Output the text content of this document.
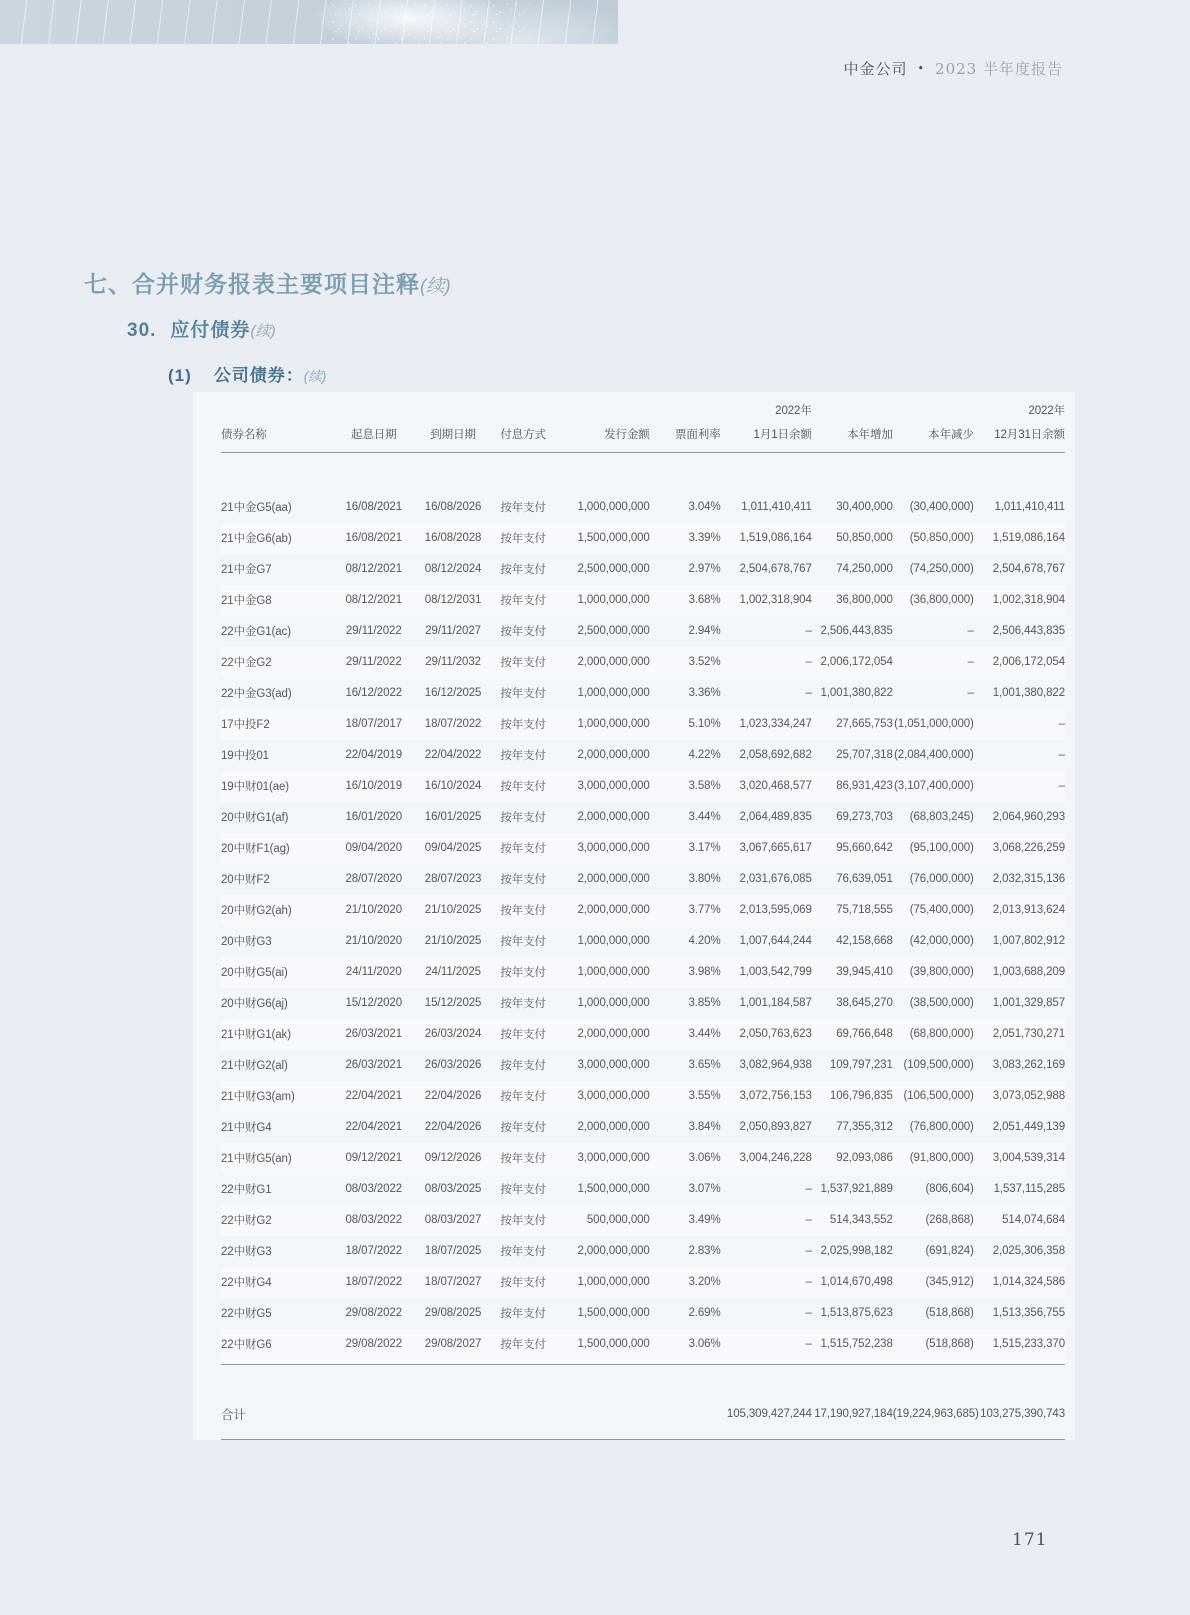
中金公司 • 2023 半年度报告
七、合并财务报表主要项目注释(续)
30. 应付债券(续)
(1) 公司债券：(续)
						2022年			2022年
债券名称	起息日期	到期日期	付息方式	发行金额	票面利率	1月1日余额	本年增加	本年减少	12月31日余额
21中金G5(aa)	16/08/2021	16/08/2026	按年支付	1,000,000,000	3.04%	1,011,410,411	30,400,000	(30,400,000)	1,011,410,411
21中金G6(ab)	16/08/2021	16/08/2028	按年支付	1,500,000,000	3.39%	1,519,086,164	50,850,000	(50,850,000)	1,519,086,164
21中金G7	08/12/2021	08/12/2024	按年支付	2,500,000,000	2.97%	2,504,678,767	74,250,000	(74,250,000)	2,504,678,767
21中金G8	08/12/2021	08/12/2031	按年支付	1,000,000,000	3.68%	1,002,318,904	36,800,000	(36,800,000)	1,002,318,904
22中金G1(ac)	29/11/2022	29/11/2027	按年支付	2,500,000,000	2.94%	–	2,506,443,835	–	2,506,443,835
22中金G2	29/11/2022	29/11/2032	按年支付	2,000,000,000	3.52%	–	2,006,172,054	–	2,006,172,054
22中金G3(ad)	16/12/2022	16/12/2025	按年支付	1,000,000,000	3.36%	–	1,001,380,822	–	1,001,380,822
17中投F2	18/07/2017	18/07/2022	按年支付	1,000,000,000	5.10%	1,023,334,247	27,665,753	(1,051,000,000)	–
19中投01	22/04/2019	22/04/2022	按年支付	2,000,000,000	4.22%	2,058,692,682	25,707,318	(2,084,400,000)	–
19中财01(ae)	16/10/2019	16/10/2024	按年支付	3,000,000,000	3.58%	3,020,468,577	86,931,423	(3,107,400,000)	–
20中财G1(af)	16/01/2020	16/01/2025	按年支付	2,000,000,000	3.44%	2,064,489,835	69,273,703	(68,803,245)	2,064,960,293
20中财F1(ag)	09/04/2020	09/04/2025	按年支付	3,000,000,000	3.17%	3,067,665,617	95,660,642	(95,100,000)	3,068,226,259
20中财F2	28/07/2020	28/07/2023	按年支付	2,000,000,000	3.80%	2,031,676,085	76,639,051	(76,000,000)	2,032,315,136
20中财G2(ah)	21/10/2020	21/10/2025	按年支付	2,000,000,000	3.77%	2,013,595,069	75,718,555	(75,400,000)	2,013,913,624
20中财G3	21/10/2020	21/10/2025	按年支付	1,000,000,000	4.20%	1,007,644,244	42,158,668	(42,000,000)	1,007,802,912
20中财G5(ai)	24/11/2020	24/11/2025	按年支付	1,000,000,000	3.98%	1,003,542,799	39,945,410	(39,800,000)	1,003,688,209
20中财G6(aj)	15/12/2020	15/12/2025	按年支付	1,000,000,000	3.85%	1,001,184,587	38,645,270	(38,500,000)	1,001,329,857
21中财G1(ak)	26/03/2021	26/03/2024	按年支付	2,000,000,000	3.44%	2,050,763,623	69,766,648	(68,800,000)	2,051,730,271
21中财G2(al)	26/03/2021	26/03/2026	按年支付	3,000,000,000	3.65%	3,082,964,938	109,797,231	(109,500,000)	3,083,262,169
21中财G3(am)	22/04/2021	22/04/2026	按年支付	3,000,000,000	3.55%	3,072,756,153	106,796,835	(106,500,000)	3,073,052,988
21中财G4	22/04/2021	22/04/2026	按年支付	2,000,000,000	3.84%	2,050,893,827	77,355,312	(76,800,000)	2,051,449,139
21中财G5(an)	09/12/2021	09/12/2026	按年支付	3,000,000,000	3.06%	3,004,246,228	92,093,086	(91,800,000)	3,004,539,314
22中财G1	08/03/2022	08/03/2025	按年支付	1,500,000,000	3.07%	–	1,537,921,889	(806,604)	1,537,115,285
22中财G2	08/03/2022	08/03/2027	按年支付	500,000,000	3.49%	–	514,343,552	(268,868)	514,074,684
22中财G3	18/07/2022	18/07/2025	按年支付	2,000,000,000	2.83%	–	2,025,998,182	(691,824)	2,025,306,358
22中财G4	18/07/2022	18/07/2027	按年支付	1,000,000,000	3.20%	–	1,014,670,498	(345,912)	1,014,324,586
22中财G5	29/08/2022	29/08/2025	按年支付	1,500,000,000	2.69%	–	1,513,875,623	(518,868)	1,513,356,755
22中财G6	29/08/2022	29/08/2027	按年支付	1,500,000,000	3.06%	–	1,515,752,238	(518,868)	1,515,233,370
合计						105,309,427,244	17,190,927,184	(19,224,963,685)	103,275,390,743
171
